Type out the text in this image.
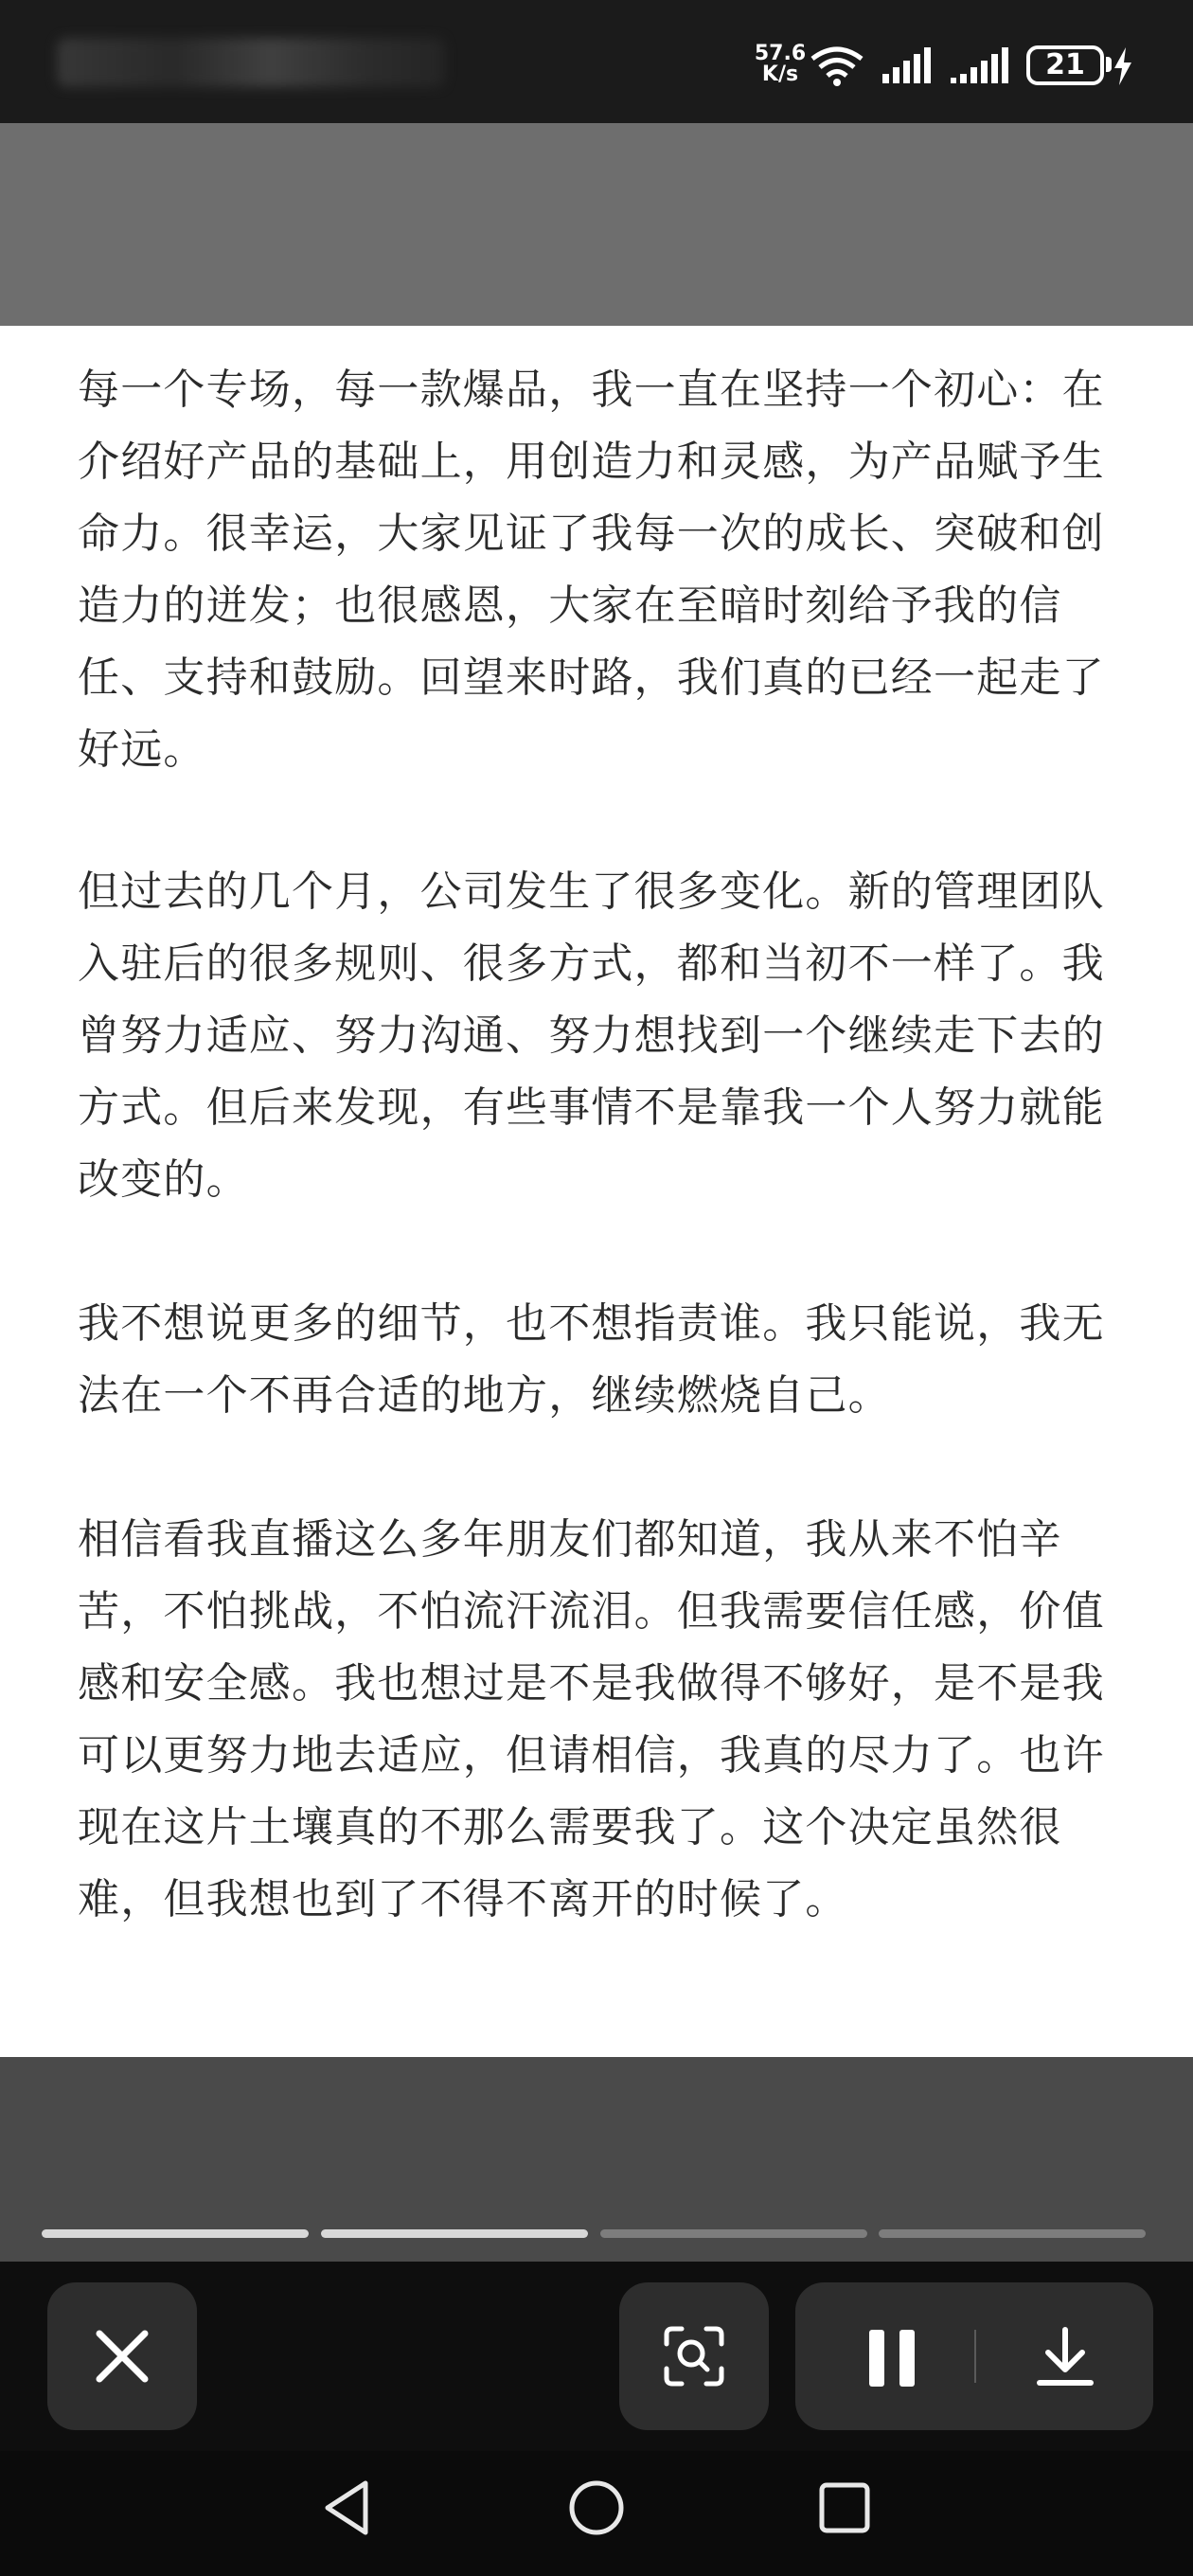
57.6
K/s	21

每一个专场，每一款爆品，我一直在坚持一个初心：在介绍好产品的基础上，用创造力和灵感，为产品赋予生命力。很幸运，大家见证了我每一次的成长、突破和创造力的迸发；也很感恩，大家在至暗时刻给予我的信任、支持和鼓励。回望来时路，我们真的已经一起走了好远。

但过去的几个月，公司发生了很多变化。新的管理团队入驻后的很多规则、很多方式，都和当初不一样了。我曾努力适应、努力沟通、努力想找到一个继续走下去的方式。但后来发现，有些事情不是靠我一个人努力就能改变的。

我不想说更多的细节，也不想指责谁。我只能说，我无法在一个不再合适的地方，继续燃烧自己。

相信看我直播这么多年朋友们都知道，我从来不怕辛苦，不怕挑战，不怕流汗流泪。但我需要信任感，价值感和安全感。我也想过是不是我做得不够好，是不是我可以更努力地去适应，但请相信，我真的尽力了。也许现在这片土壤真的不那么需要我了。这个决定虽然很难，但我想也到了不得不离开的时候了。
